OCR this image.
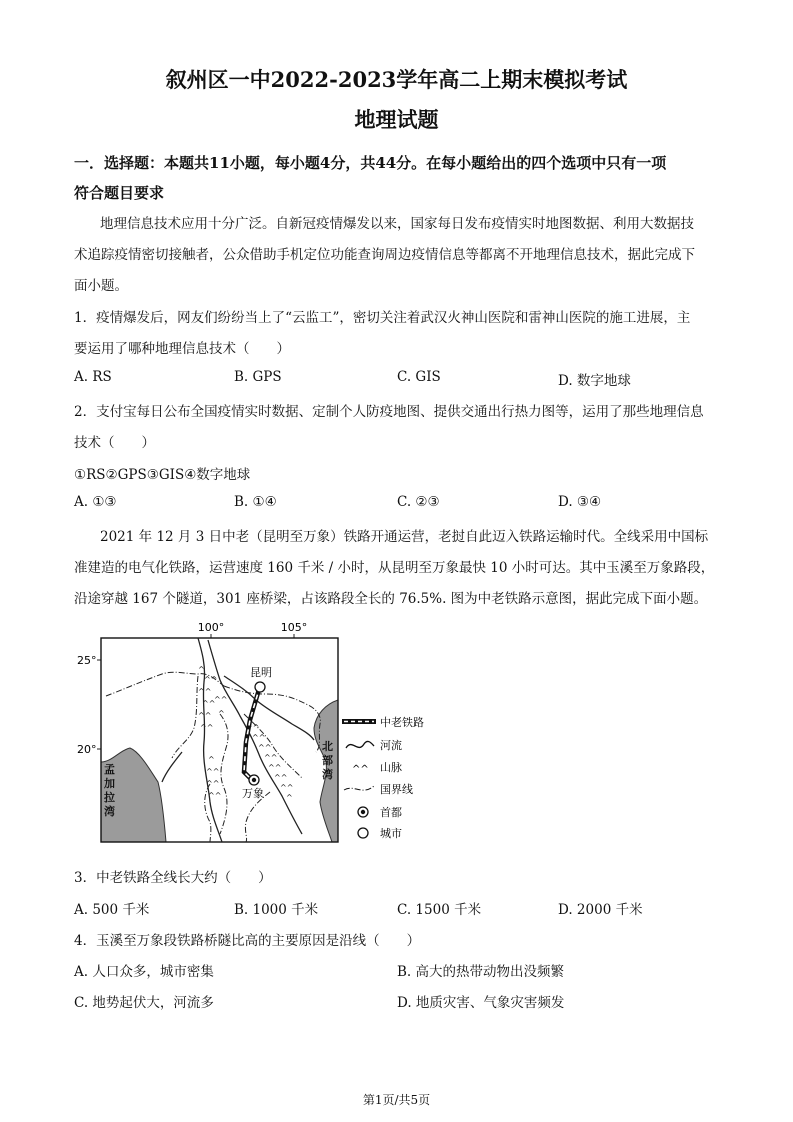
叙州区一中2022-2023学年高二上期末模拟考试
地理试题
一．选择题：本题共11小题，每小题4分，共44分。在每小题给出的四个选项中只有一项
符合题目要求
地理信息技术应用十分广泛。自新冠疫情爆发以来，国家每日发布疫情实时地图数据、利用大数据技
术追踪疫情密切接触者，公众借助手机定位功能查询周边疫情信息等都离不开地理信息技术，据此完成下
面小题。
1．疫情爆发后，网友们纷纷当上了“云监工”，密切关注着武汉火神山医院和雷神山医院的施工进展，主
要运用了哪种地理信息技术（　　）
A. RS	B. GPS	C. GIS	D. 数字地球
2．支付宝每日公布全国疫情实时数据、定制个人防疫地图、提供交通出行热力图等，运用了那些地理信息
技术（　　）
①RS②GPS③GIS④数字地球
A. ①③	B. ①④	C. ②③	D. ③④
2021 年 12 月 3 日中老（昆明至万象）铁路开通运营，老挝自此迈入铁路运输时代。全线采用中国标
准建造的电气化铁路，运营速度 160 千米 / 小时，从昆明至万象最快 10 小时可达。其中玉溪至万象路段，
沿途穿越 167 个隧道，301 座桥梁，占该路段全长的 76.5%. 图为中老铁路示意图，据此完成下面小题。
100°	105°
25°
20°
^
^^
^^
^^
^^
^^
^^
^
^^
^^
^^
^^
^^
^^
^^
^
^
^^
^^
^^
昆明
万象
孟
加
拉
湾
北
部
湾
中老铁路
河流
^^ 山脉
国界线
首都
城市
3．中老铁路全线长大约（　　）
A. 500 千米	B. 1000 千米	C. 1500 千米	D. 2000 千米
4．玉溪至万象段铁路桥隧比高的主要原因是沿线（　　）
A. 人口众多，城市密集	B. 高大的热带动物出没频繁
C. 地势起伏大，河流多	D. 地质灾害、气象灾害频发
第1页/共5页
